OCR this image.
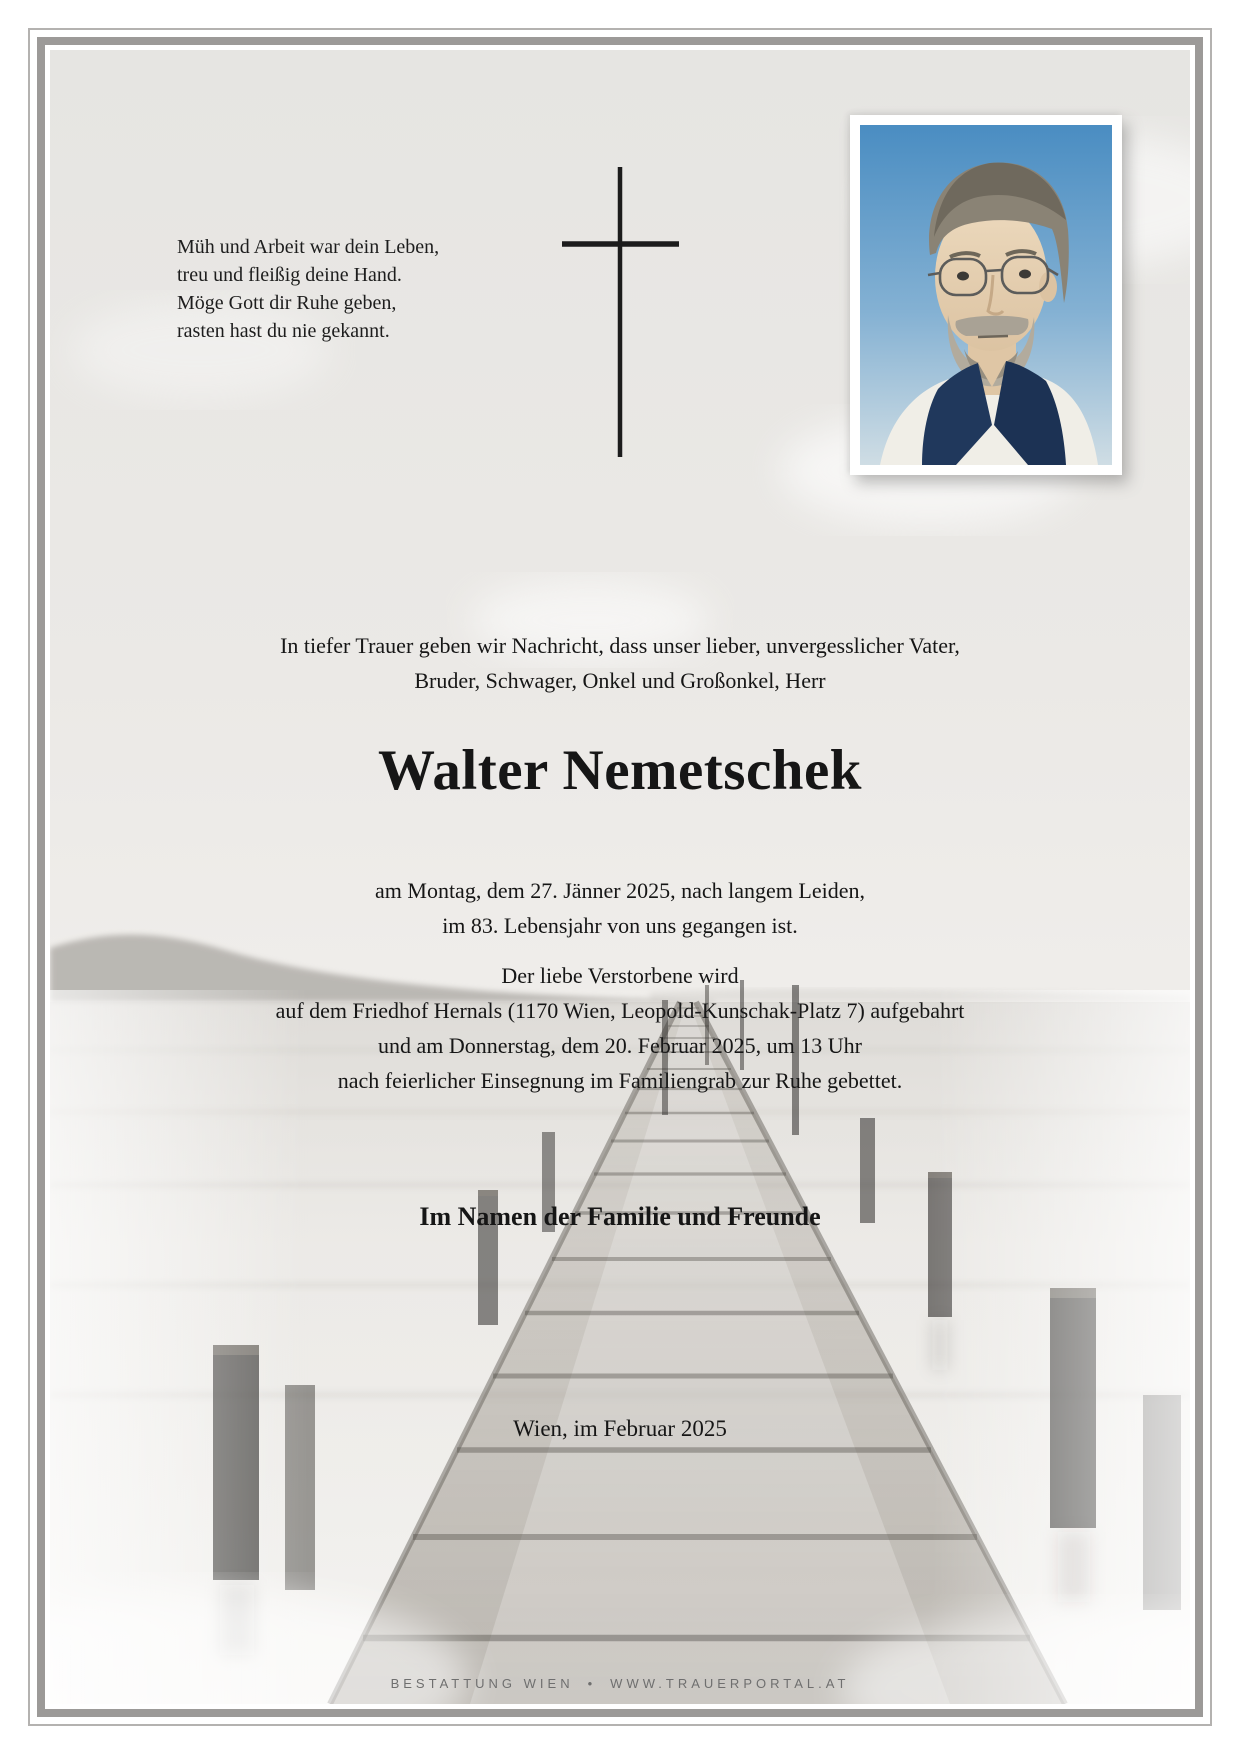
Müh und Arbeit war dein Leben,
treu und fleißig deine Hand.
Möge Gott dir Ruhe geben,
rasten hast du nie gekannt.
In tiefer Trauer geben wir Nachricht, dass unser lieber, unvergesslicher Vater,
Bruder, Schwager, Onkel und Großonkel, Herr
Walter Nemetschek
am Montag, dem 27. Jänner 2025, nach langem Leiden,
im 83. Lebensjahr von uns gegangen ist.
Der liebe Verstorbene wird
auf dem Friedhof Hernals (1170 Wien, Leopold-Kunschak-Platz 7) aufgebahrt
und am Donnerstag, dem 20. Februar 2025, um 13 Uhr
nach feierlicher Einsegnung im Familiengrab zur Ruhe gebettet.
Im Namen der Familie und Freunde
Wien, im Februar 2025
BESTATTUNG WIEN • WWW.TRAUERPORTAL.AT
